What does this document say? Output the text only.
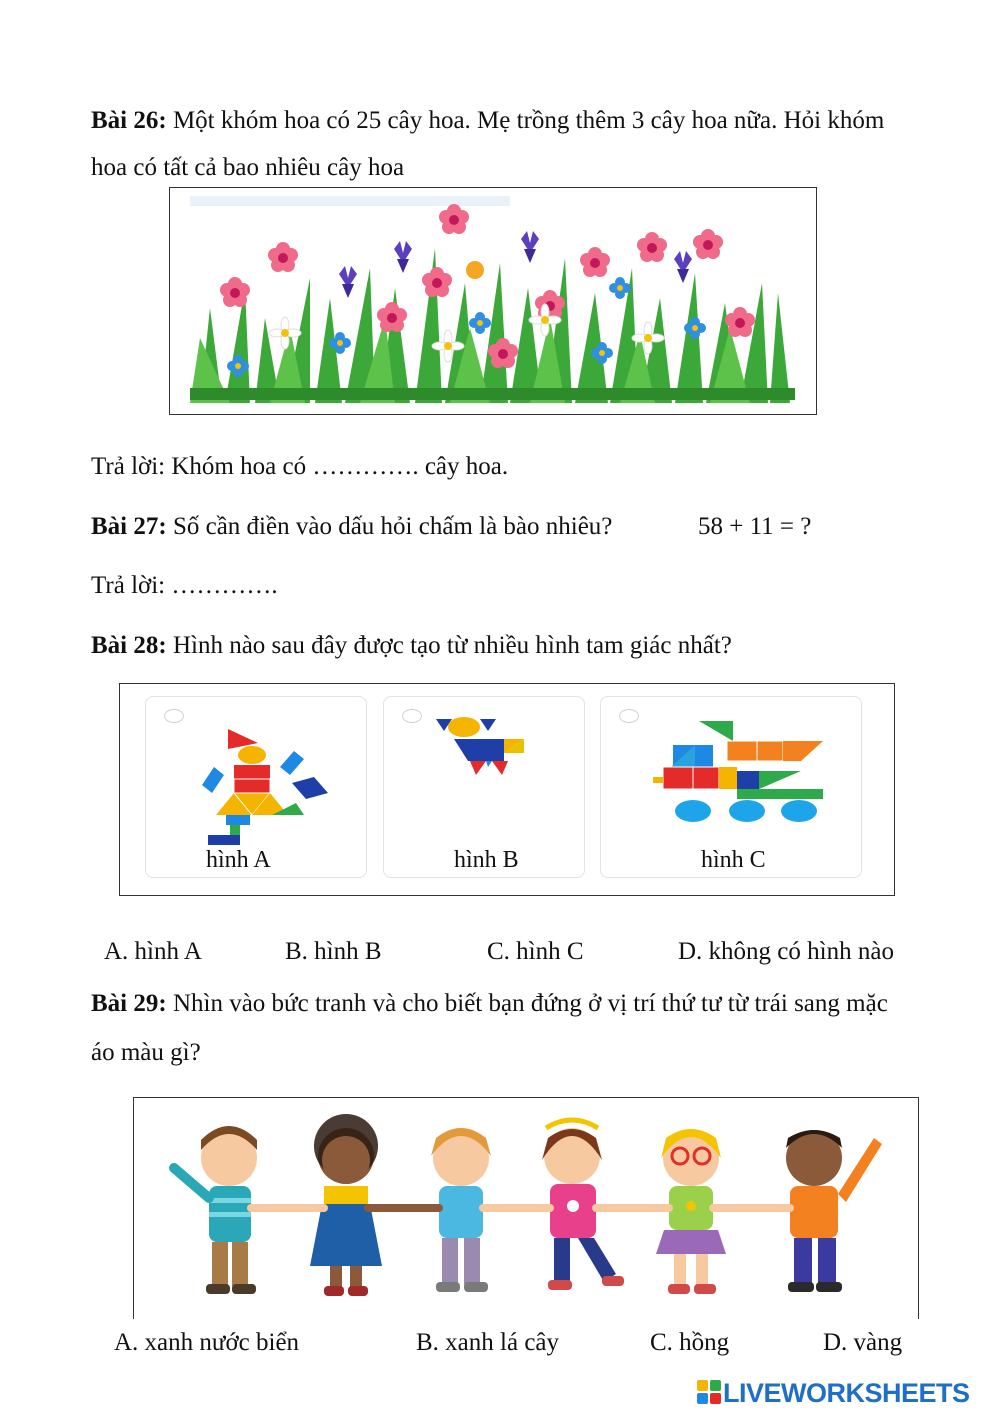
Bài 26: Một khóm hoa có 25 cây hoa. Mẹ trồng thêm 3 cây hoa nữa. Hỏi khóm
hoa có tất cả bao nhiêu cây hoa
Trả lời: Khóm hoa có …………. cây hoa.
Bài 27: Số cần điền vào dấu hỏi chấm là bào nhiêu?	58 + 11 = ?
Trả lời: ………….
Bài 28: Hình nào sau đây được tạo từ nhiều hình tam giác nhất?
hình A	hình B	hình C
A. hình A	B. hình B	C. hình C	D. không có hình nào
Bài 29: Nhìn vào bức tranh và cho biết bạn đứng ở vị trí thứ tư từ trái sang mặc
áo màu gì?
A. xanh nước biển	B. xanh lá cây	C. hồng	D. vàng
LIVEWORKSHEETS
